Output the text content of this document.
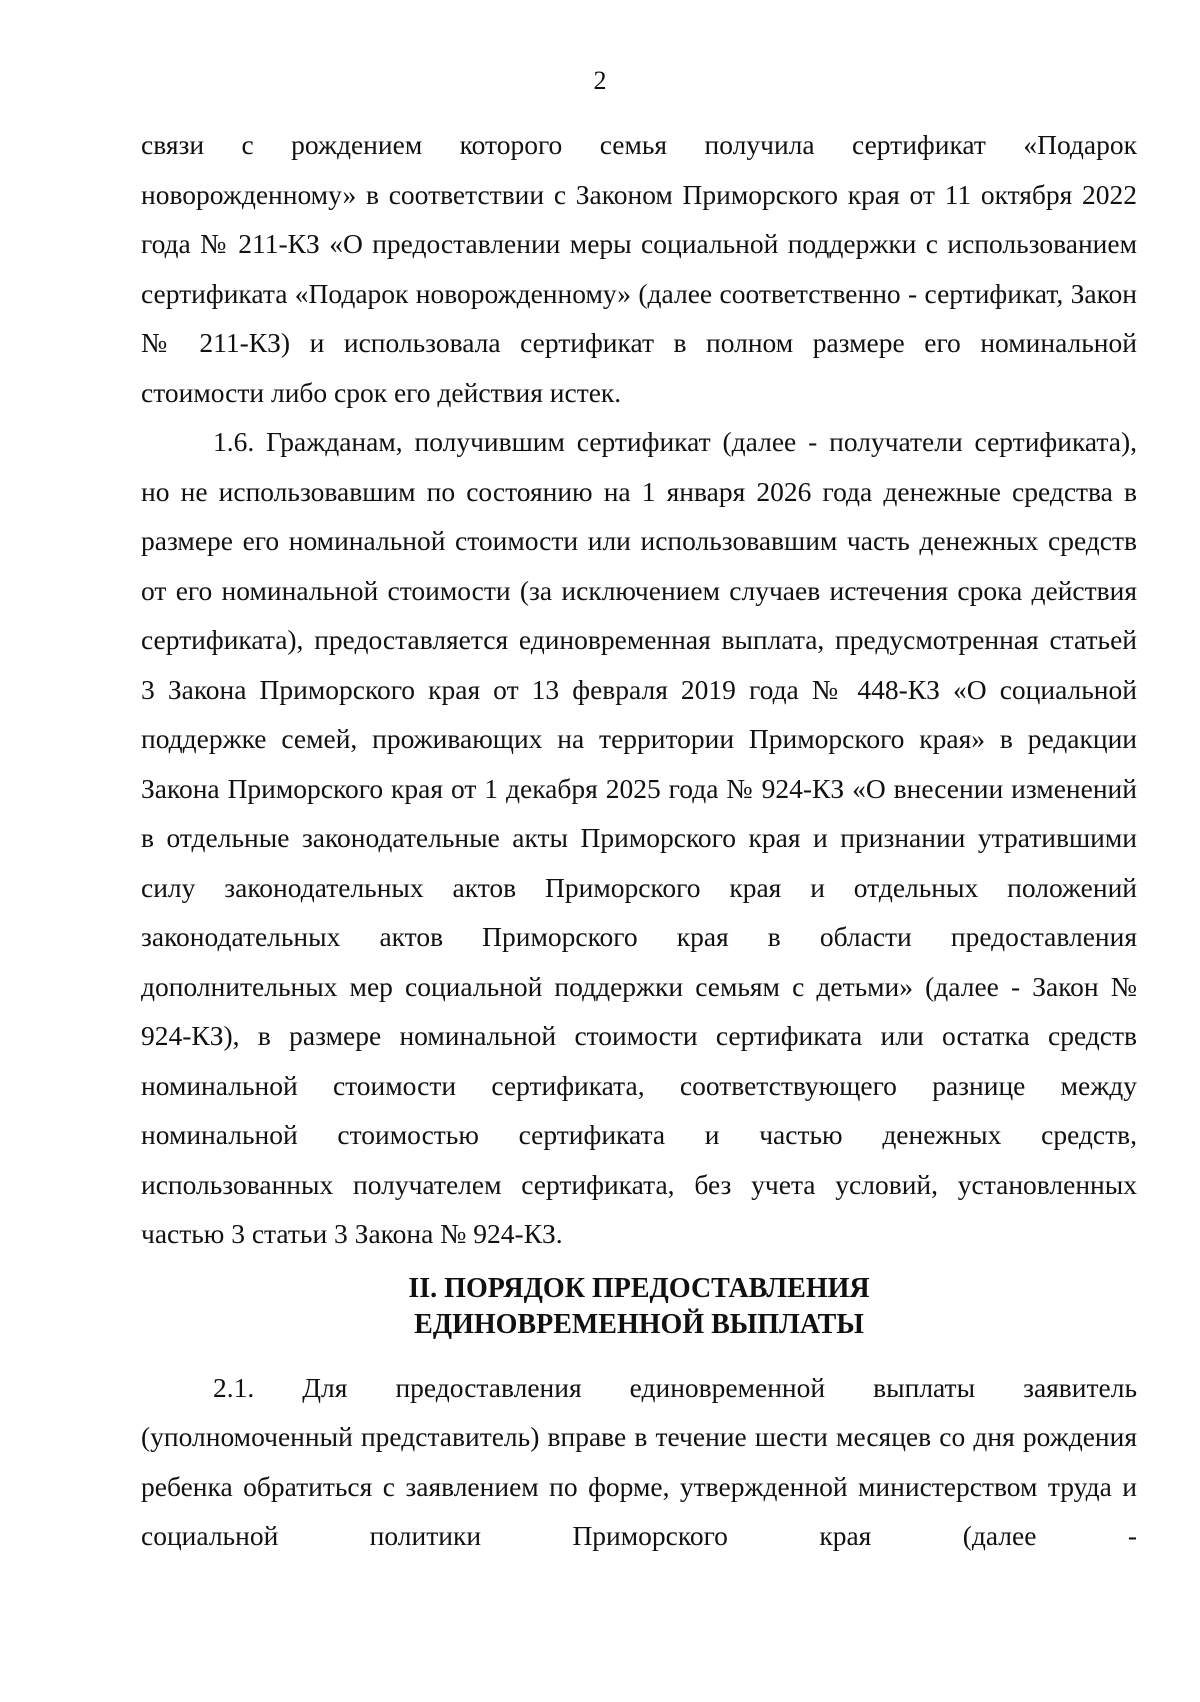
2

связи с рождением которого семья получила сертификат «Подарок новорожденному» в соответствии с Законом Приморского края от 11 октября 2022 года № 211-КЗ «О предоставлении меры социальной поддержки с использованием сертификата «Подарок новорожденному» (далее соответственно - сертификат, Закон № 211-КЗ) и использовала сертификат в полном размере его номинальной стоимости либо срок его действия истек.

1.6. Гражданам, получившим сертификат (далее - получатели сертификата), но не использовавшим по состоянию на 1 января 2026 года денежные средства в размере его номинальной стоимости или использовавшим часть денежных средств от его номинальной стоимости (за исключением случаев истечения срока действия сертификата), предоставляется единовременная выплата, предусмотренная статьей 3 Закона Приморского края от 13 февраля 2019 года № 448-КЗ «О социальной поддержке семей, проживающих на территории Приморского края» в редакции Закона Приморского края от 1 декабря 2025 года № 924-КЗ «О внесении изменений в отдельные законодательные акты Приморского края и признании утратившими силу законодательных актов Приморского края и отдельных положений законодательных актов Приморского края в области предоставления дополнительных мер социальной поддержки семьям с детьми» (далее - Закон № 924-КЗ), в размере номинальной стоимости сертификата или остатка средств номинальной стоимости сертификата, соответствующего разнице между номинальной стоимостью сертификата и частью денежных средств, использованных получателем сертификата, без учета условий, установленных частью 3 статьи 3 Закона № 924-КЗ.

II. ПОРЯДОК ПРЕДОСТАВЛЕНИЯ
ЕДИНОВРЕМЕННОЙ ВЫПЛАТЫ

2.1. Для предоставления единовременной выплаты заявитель (уполномоченный представитель) вправе в течение шести месяцев со дня рождения ребенка обратиться с заявлением по форме, утвержденной министерством труда и социальной политики Приморского края (далее -
